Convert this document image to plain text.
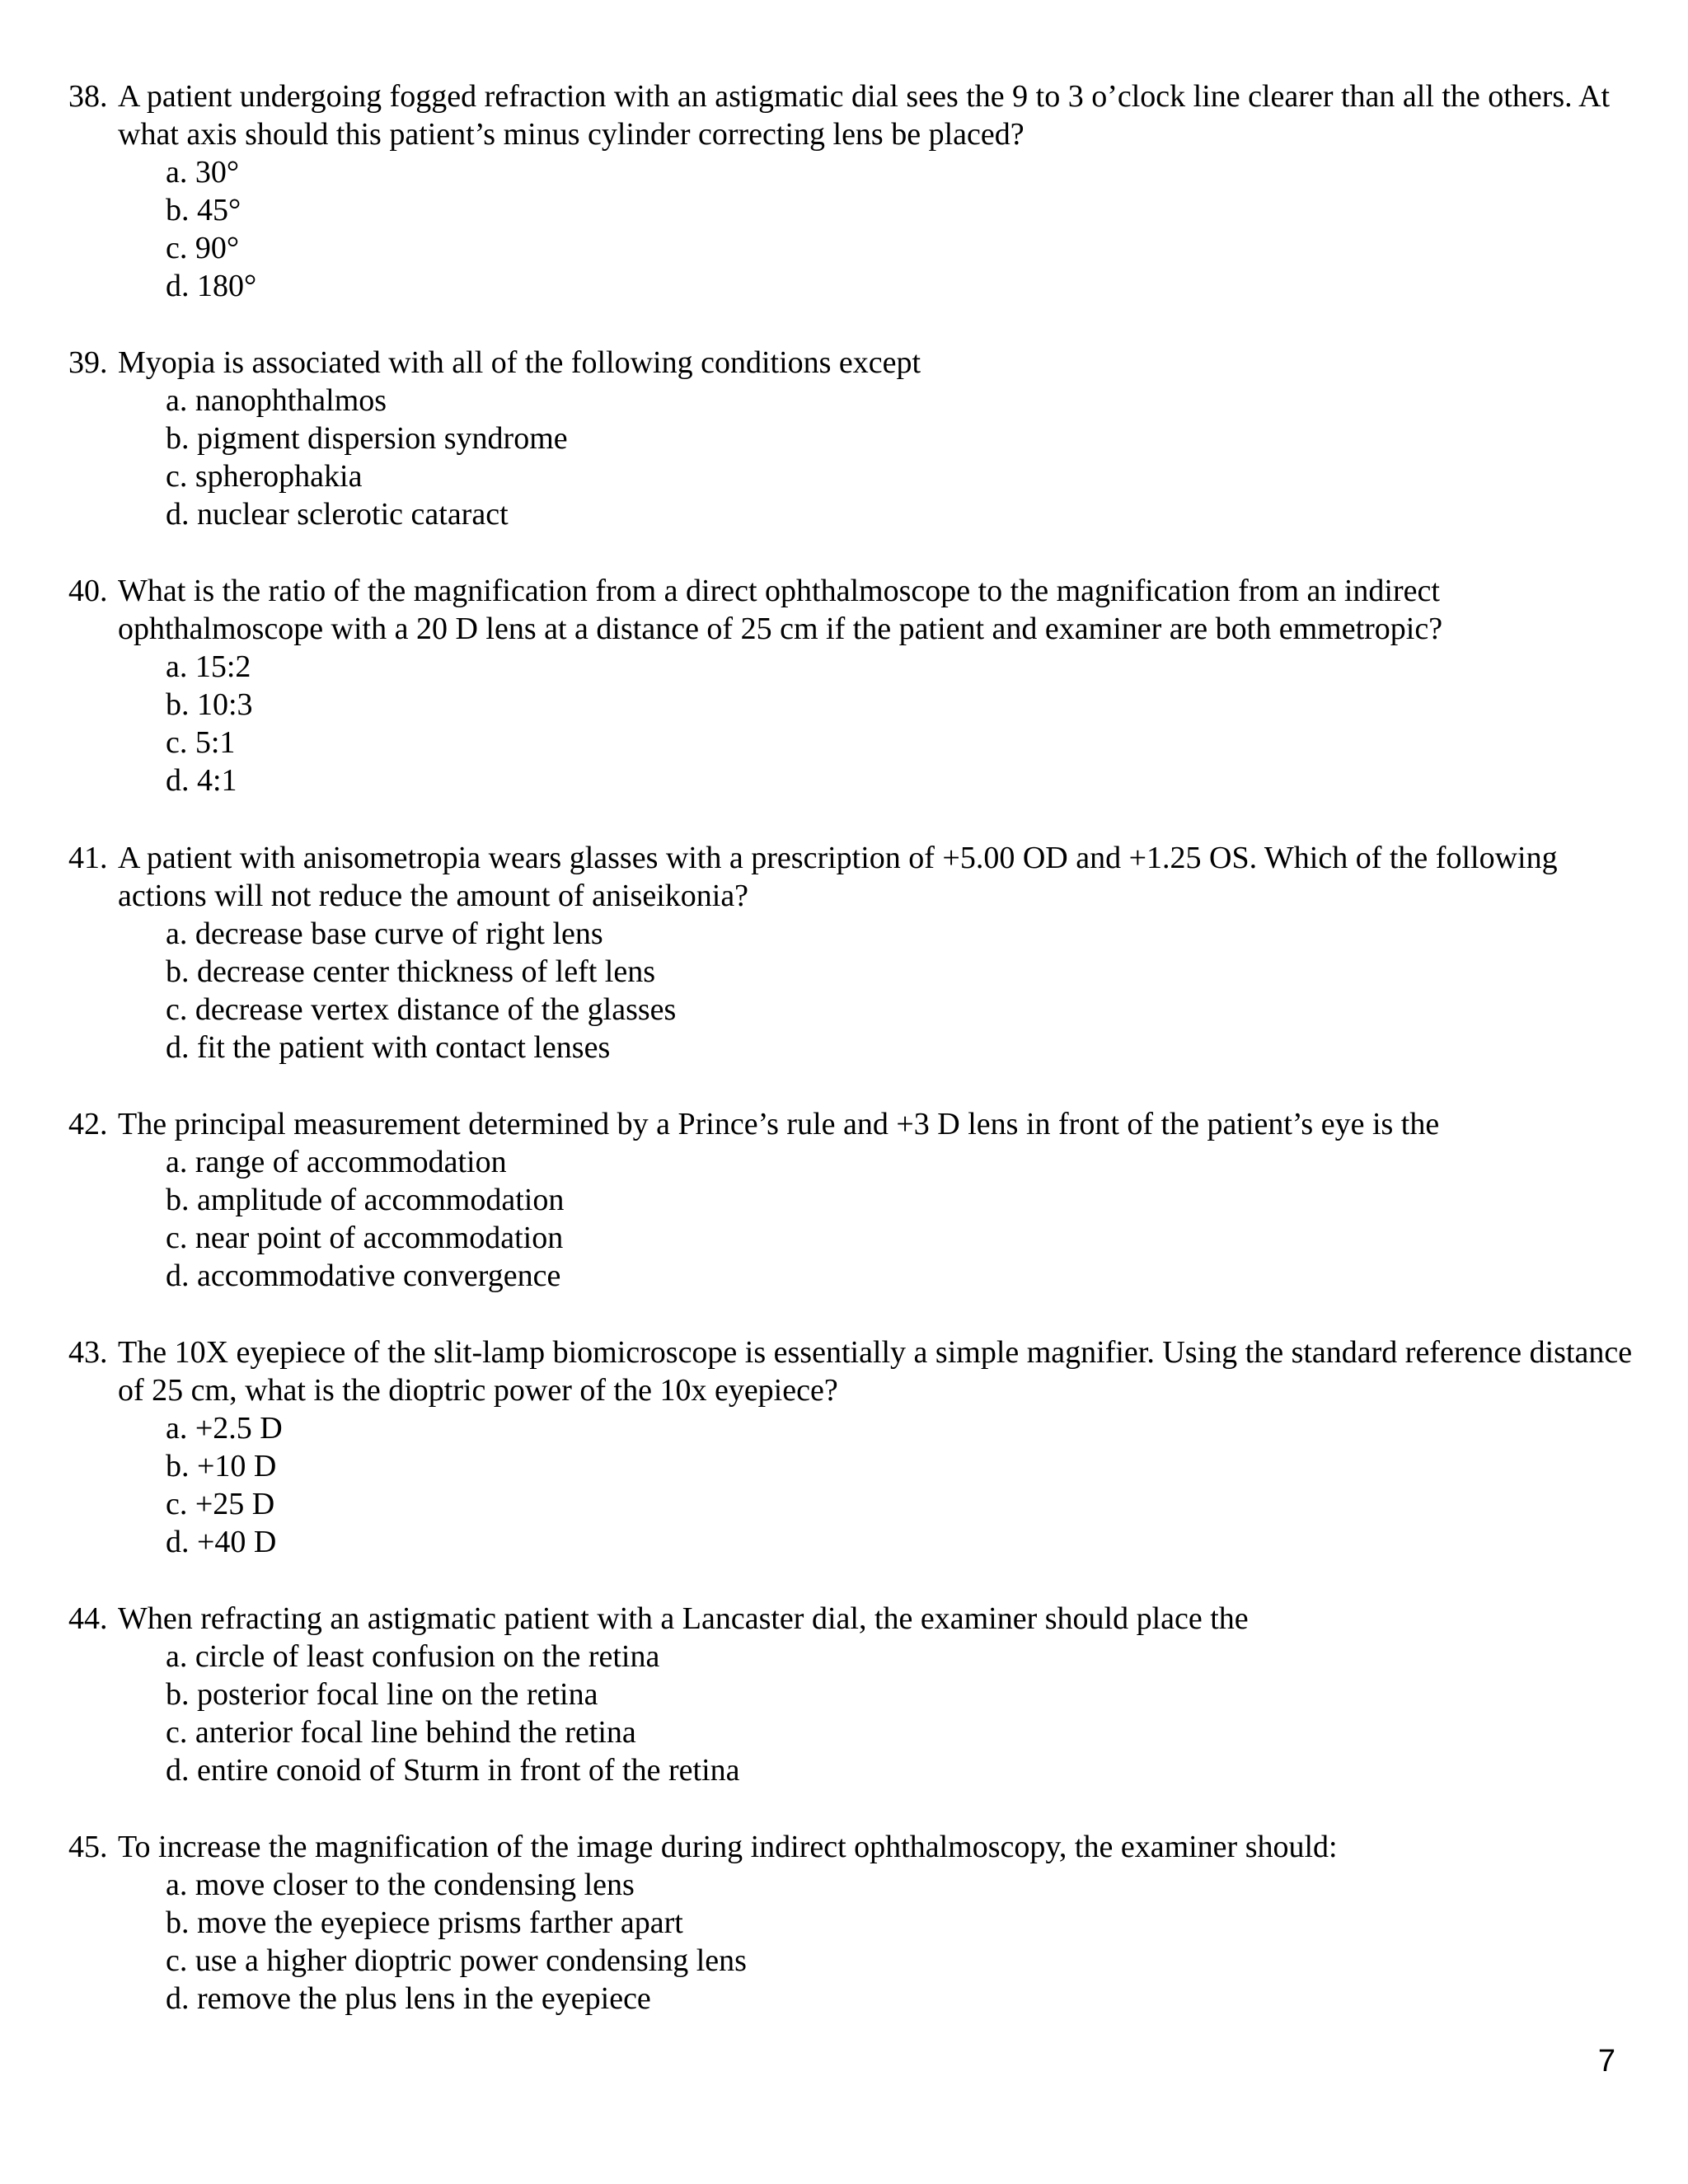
38. A patient undergoing fogged refraction with an astigmatic dial sees the 9 to 3 o’clock line clearer than all the others. At what axis should this patient’s minus cylinder correcting lens be placed?
a. 30°
b. 45°
c. 90°
d. 180°
39. Myopia is associated with all of the following conditions except
a. nanophthalmos
b. pigment dispersion syndrome
c. spherophakia
d. nuclear sclerotic cataract
40. What is the ratio of the magnification from a direct ophthalmoscope to the magnification from an indirect ophthalmoscope with a 20 D lens at a distance of 25 cm if the patient and examiner are both emmetropic?
a. 15:2
b. 10:3
c. 5:1
d. 4:1
41. A patient with anisometropia wears glasses with a prescription of +5.00 OD and +1.25 OS. Which of the following actions will not reduce the amount of aniseikonia?
a. decrease base curve of right lens
b. decrease center thickness of left lens
c. decrease vertex distance of the glasses
d. fit the patient with contact lenses
42. The principal measurement determined by a Prince’s rule and +3 D lens in front of the patient’s eye is the
a. range of accommodation
b. amplitude of accommodation
c. near point of accommodation
d. accommodative convergence
43. The 10X eyepiece of the slit-lamp biomicroscope is essentially a simple magnifier. Using the standard reference distance of 25 cm, what is the dioptric power of the 10x eyepiece?
a. +2.5 D
b. +10 D
c. +25 D
d. +40 D
44. When refracting an astigmatic patient with a Lancaster dial, the examiner should place the
a. circle of least confusion on the retina
b. posterior focal line on the retina
c. anterior focal line behind the retina
d. entire conoid of Sturm in front of the retina
45. To increase the magnification of the image during indirect ophthalmoscopy, the examiner should:
a. move closer to the condensing lens
b. move the eyepiece prisms farther apart
c. use a higher dioptric power condensing lens
d. remove the plus lens in the eyepiece
7
